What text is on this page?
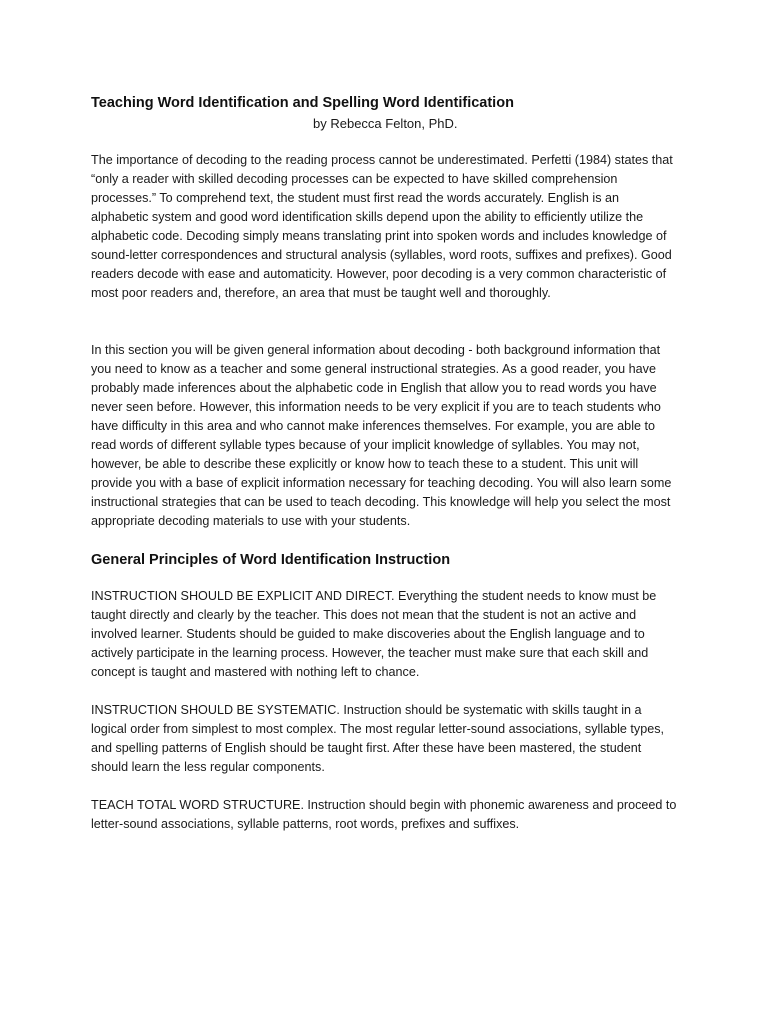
Teaching Word Identification and Spelling Word Identification

by Rebecca Felton, PhD.

The importance of decoding to the reading process cannot be underestimated. Perfetti (1984) states that “only a reader with skilled decoding processes can be expected to have skilled comprehension processes.” To comprehend text, the student must first read the words accurately. English is an alphabetic system and good word identification skills depend upon the ability to efficiently utilize the alphabetic code. Decoding simply means translating print into spoken words and includes knowledge of sound-letter correspondences and structural analysis (syllables, word roots, suffixes and prefixes). Good readers decode with ease and automaticity. However, poor decoding is a very common characteristic of most poor readers and, therefore, an area that must be taught well and thoroughly.

In this section you will be given general information about decoding - both background information that you need to know as a teacher and some general instructional strategies. As a good reader, you have probably made inferences about the alphabetic code in English that allow you to read words you have never seen before. However, this information needs to be very explicit if you are to teach students who have difficulty in this area and who cannot make inferences themselves. For example, you are able to read words of different syllable types because of your implicit knowledge of syllables. You may not, however, be able to describe these explicitly or know how to teach these to a student. This unit will provide you with a base of explicit information necessary for teaching decoding. You will also learn some instructional strategies that can be used to teach decoding. This knowledge will help you select the most appropriate decoding materials to use with your students.

General Principles of Word Identification Instruction

INSTRUCTION SHOULD BE EXPLICIT AND DIRECT. Everything the student needs to know must be taught directly and clearly by the teacher. This does not mean that the student is not an active and involved learner. Students should be guided to make discoveries about the English language and to actively participate in the learning process. However, the teacher must make sure that each skill and concept is taught and mastered with nothing left to chance.

INSTRUCTION SHOULD BE SYSTEMATIC. Instruction should be systematic with skills taught in a logical order from simplest to most complex. The most regular letter-sound associations, syllable types, and spelling patterns of English should be taught first. After these have been mastered, the student should learn the less regular components.

TEACH TOTAL WORD STRUCTURE. Instruction should begin with phonemic awareness and proceed to letter-sound associations, syllable patterns, root words, prefixes and suffixes.
